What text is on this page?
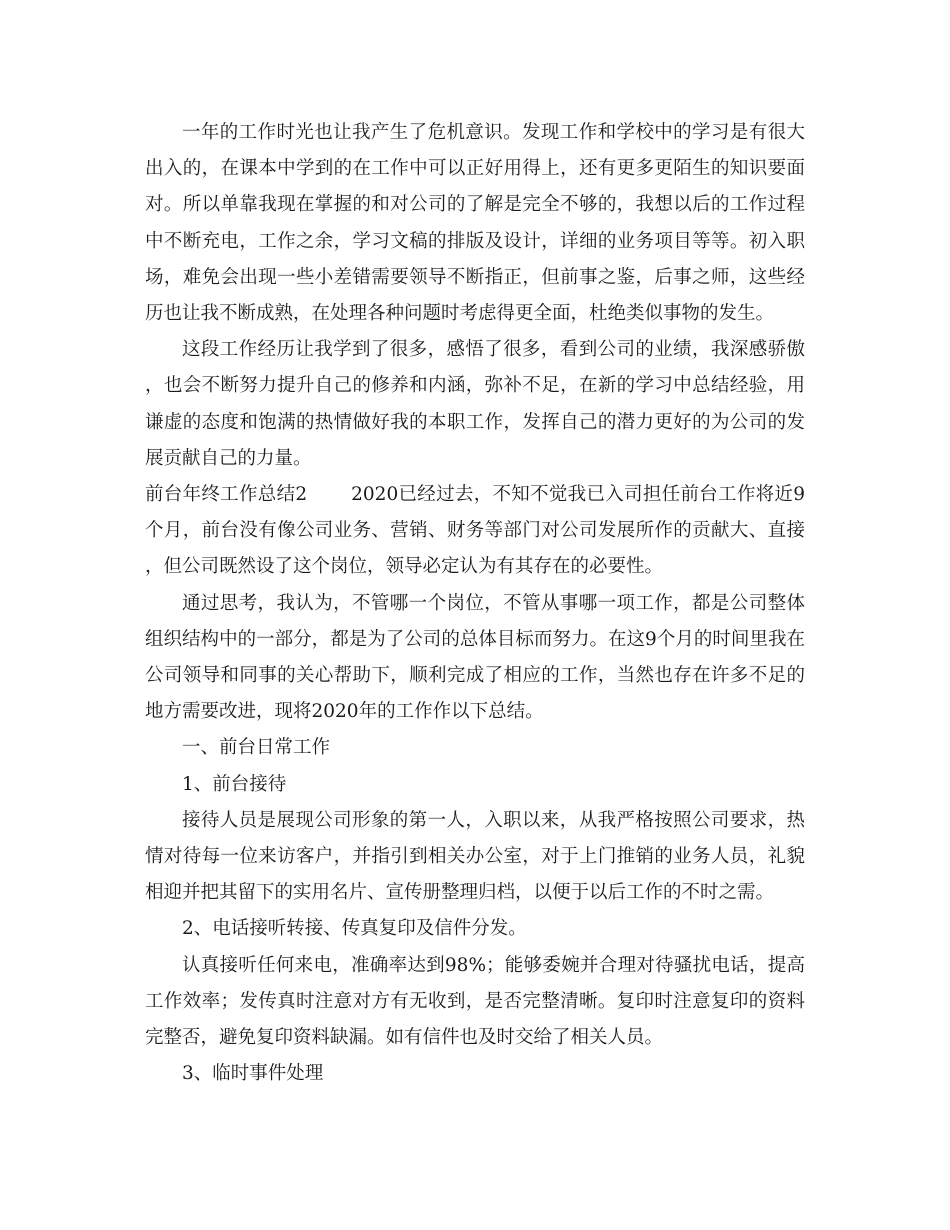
一年的工作时光也让我产生了危机意识。发现工作和学校中的学习是有很大出入的，在课本中学到的在工作中可以正好用得上，还有更多更陌生的知识要面对。所以单靠我现在掌握的和对公司的了解是完全不够的，我想以后的工作过程中不断充电，工作之余，学习文稿的排版及设计，详细的业务项目等等。初入职场，难免会出现一些小差错需要领导不断指正，但前事之鉴，后事之师，这些经历也让我不断成熟，在处理各种问题时考虑得更全面，杜绝类似事物的发生。

这段工作经历让我学到了很多，感悟了很多，看到公司的业绩，我深感骄傲，也会不断努力提升自己的修养和内涵，弥补不足，在新的学习中总结经验，用谦虚的态度和饱满的热情做好我的本职工作，发挥自己的潜力更好的为公司的发展贡献自己的力量。

前台年终工作总结2 2020已经过去，不知不觉我已入司担任前台工作将近9个月，前台没有像公司业务、营销、财务等部门对公司发展所作的贡献大、直接，但公司既然设了这个岗位，领导必定认为有其存在的必要性。

通过思考，我认为，不管哪一个岗位，不管从事哪一项工作，都是公司整体组织结构中的一部分，都是为了公司的总体目标而努力。在这9个月的时间里我在公司领导和同事的关心帮助下，顺利完成了相应的工作，当然也存在许多不足的地方需要改进，现将2020年的工作作以下总结。

一、前台日常工作

1、前台接待

接待人员是展现公司形象的第一人，入职以来，从我严格按照公司要求，热情对待每一位来访客户，并指引到相关办公室，对于上门推销的业务人员，礼貌相迎并把其留下的实用名片、宣传册整理归档，以便于以后工作的不时之需。

2、电话接听转接、传真复印及信件分发。

认真接听任何来电，准确率达到98%；能够委婉并合理对待骚扰电话，提高工作效率；发传真时注意对方有无收到，是否完整清晰。复印时注意复印的资料完整否，避免复印资料缺漏。如有信件也及时交给了相关人员。

3、临时事件处理
